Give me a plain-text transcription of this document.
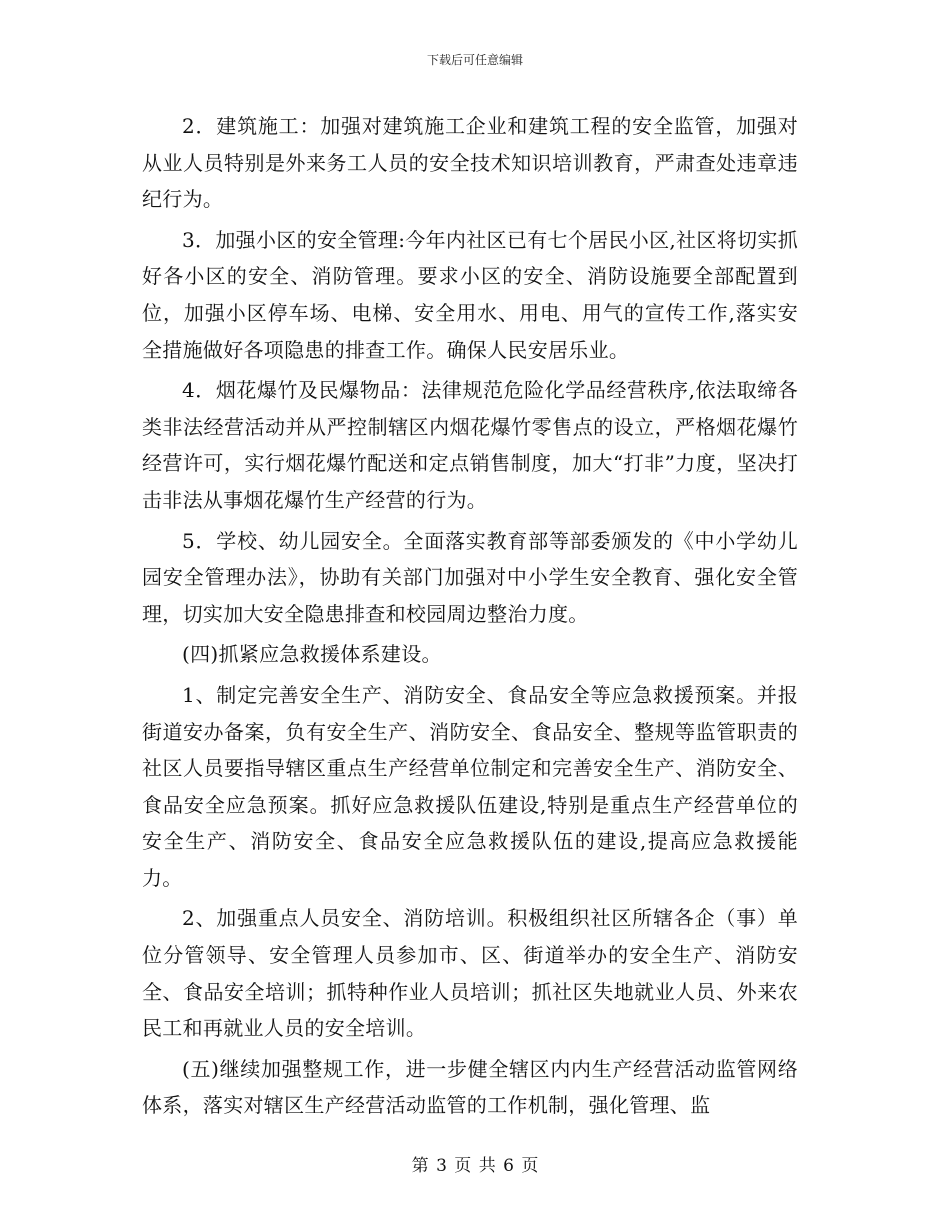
下载后可任意编辑

2．建筑施工：加强对建筑施工企业和建筑工程的安全监管，加强对从业人员特别是外来务工人员的安全技术知识培训教育，严肃查处违章违纪行为。

3．加强小区的安全管理:今年内社区已有七个居民小区,社区将切实抓好各小区的安全、消防管理。要求小区的安全、消防设施要全部配置到位，加强小区停车场、电梯、安全用水、用电、用气的宣传工作,落实安全措施做好各项隐患的排查工作。确保人民安居乐业。

4．烟花爆竹及民爆物品：法律规范危险化学品经营秩序,依法取缔各类非法经营活动并从严控制辖区内烟花爆竹零售点的设立，严格烟花爆竹经营许可，实行烟花爆竹配送和定点销售制度，加大“打非”力度，坚决打击非法从事烟花爆竹生产经营的行为。

5．学校、幼儿园安全。全面落实教育部等部委颁发的《中小学幼儿园安全管理办法》，协助有关部门加强对中小学生安全教育、强化安全管理，切实加大安全隐患排查和校园周边整治力度。

(四)抓紧应急救援体系建设。

1、制定完善安全生产、消防安全、食品安全等应急救援预案。并报街道安办备案，负有安全生产、消防安全、食品安全、整规等监管职责的社区人员要指导辖区重点生产经营单位制定和完善安全生产、消防安全、食品安全应急预案。抓好应急救援队伍建设,特别是重点生产经营单位的安全生产、消防安全、食品安全应急救援队伍的建设,提高应急救援能力。

2、加强重点人员安全、消防培训。积极组织社区所辖各企（事）单位分管领导、安全管理人员参加市、区、街道举办的安全生产、消防安全、食品安全培训；抓特种作业人员培训；抓社区失地就业人员、外来农民工和再就业人员的安全培训。

(五)继续加强整规工作，进一步健全辖区内内生产经营活动监管网络体系，落实对辖区生产经营活动监管的工作机制，强化管理、监

第 3 页 共 6 页
